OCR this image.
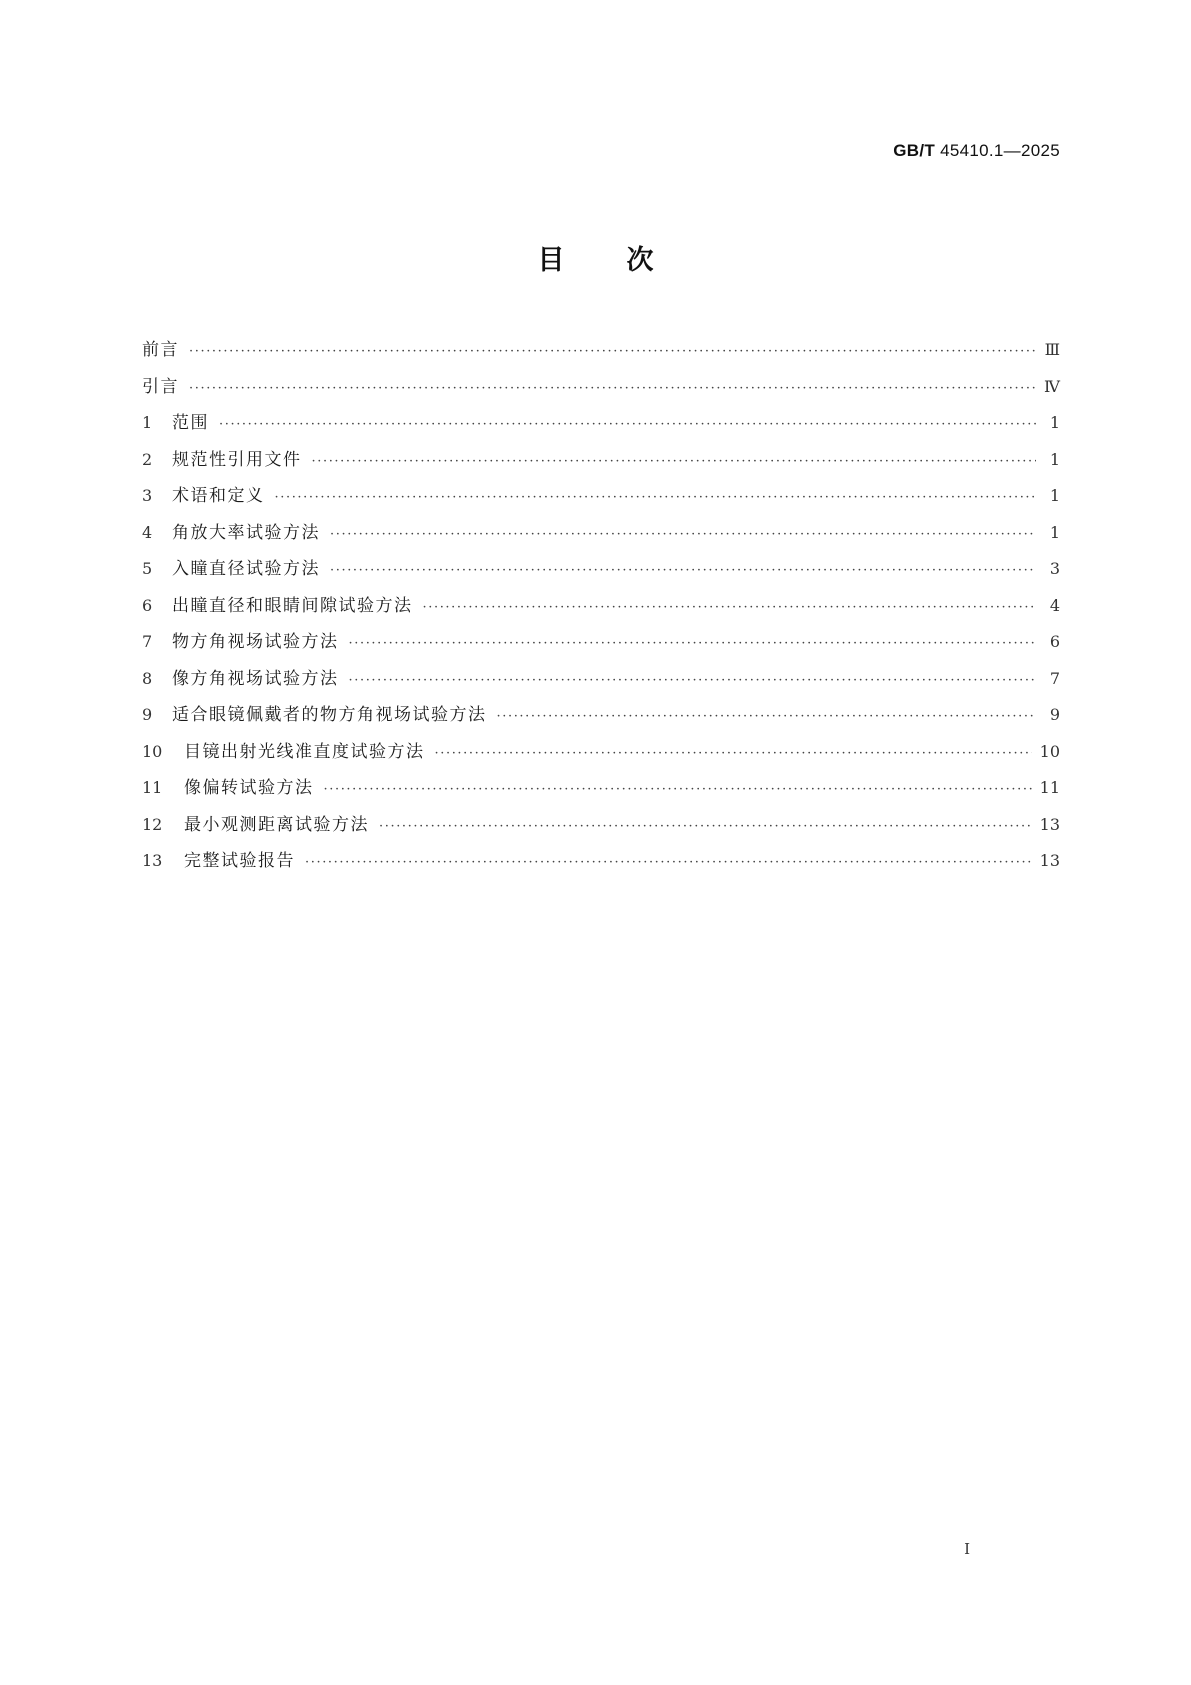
GB/T 45410.1—2025
目次
前言 ·····	Ⅲ
引言 ·····	Ⅳ
1	范围 ·····	1
2	规范性引用文件 ·····	1
3	术语和定义 ·····	1
4	角放大率试验方法 ·····	1
5	入瞳直径试验方法 ·····	3
6	出瞳直径和眼睛间隙试验方法 ·····	4
7	物方角视场试验方法 ·····	6
8	像方角视场试验方法 ·····	7
9	适合眼镜佩戴者的物方角视场试验方法 ·····	9
10	目镜出射光线准直度试验方法 ·····	10
11	像偏转试验方法 ·····	11
12	最小观测距离试验方法 ·····	13
13	完整试验报告 ·····	13
Ⅰ
